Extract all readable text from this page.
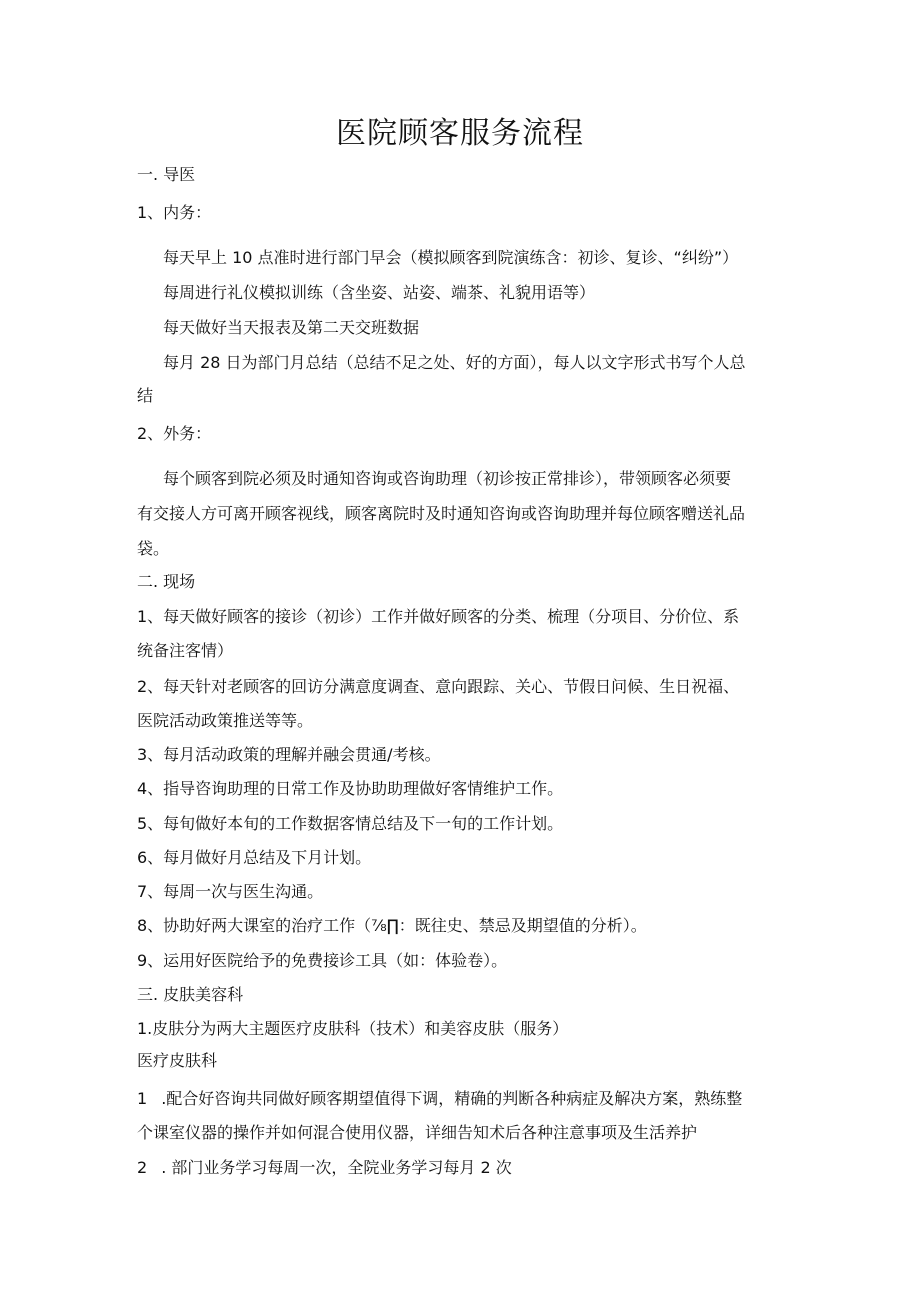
医院顾客服务流程
一. 导医
1、内务：
每天早上 10 点准时进行部门早会（模拟顾客到院演练含：初诊、复诊、“纠纷”）
每周进行礼仪模拟训练（含坐姿、站姿、端茶、礼貌用语等）
每天做好当天报表及第二天交班数据
每月 28 日为部门月总结（总结不足之处、好的方面），每人以文字形式书写个人总
结
2、外务：
每个顾客到院必须及时通知咨询或咨询助理（初诊按正常排诊），带领顾客必须要
有交接人方可离开顾客视线，顾客离院时及时通知咨询或咨询助理并每位顾客赠送礼品
袋。
二. 现场
1、每天做好顾客的接诊（初诊）工作并做好顾客的分类、梳理（分项目、分价位、系
统备注客情）
2、每天针对老顾客的回访分满意度调查、意向跟踪、关心、节假日问候、生日祝福、
医院活动政策推送等等。
3、每月活动政策的理解并融会贯通/考核。
4、指导咨询助理的日常工作及协助助理做好客情维护工作。
5、每旬做好本旬的工作数据客情总结及下一旬的工作计划。
6、每月做好月总结及下月计划。
7、每周一次与医生沟通。
8、协助好两大课室的治疗工作（⅞∏：既往史、禁忌及期望值的分析）。
9、运用好医院给予的免费接诊工具（如：体验卷）。
三. 皮肤美容科
1.皮肤分为两大主题医疗皮肤科（技术）和美容皮肤（服务）
医疗皮肤科
1 .配合好咨询共同做好顾客期望值得下调，精确的判断各种病症及解决方案，熟练整
个课室仪器的操作并如何混合使用仪器，详细告知术后各种注意事项及生活养护
2 . 部门业务学习每周一次，全院业务学习每月 2 次
